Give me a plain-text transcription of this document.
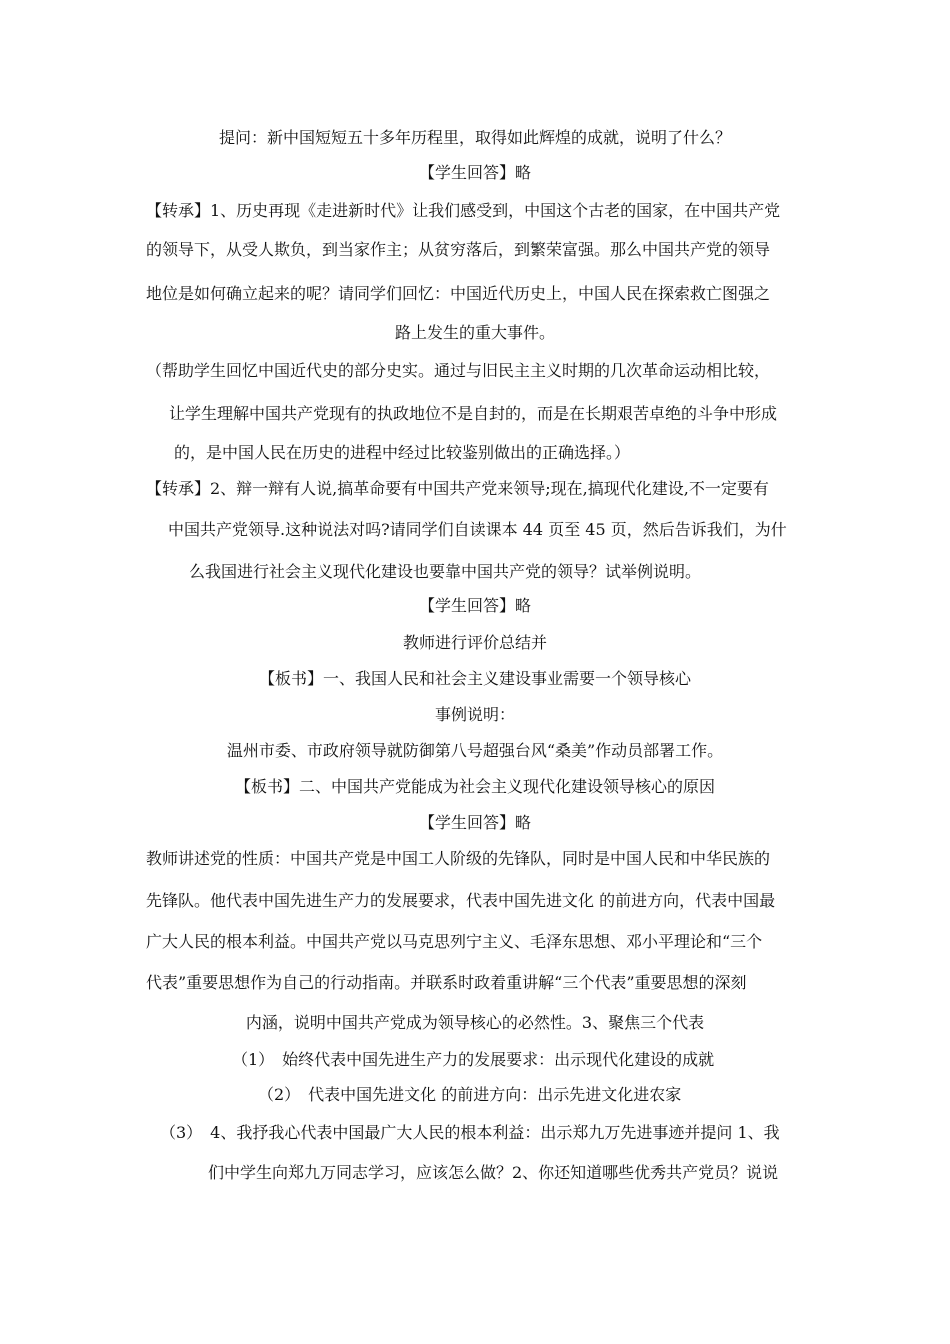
提问：新中国短短五十多年历程里，取得如此辉煌的成就，说明了什么？
【学生回答】略
【转承】1、历史再现《走进新时代》让我们感受到，中国这个古老的国家，在中国共产党
的领导下，从受人欺负，到当家作主；从贫穷落后，到繁荣富强。那么中国共产党的领导
地位是如何确立起来的呢？请同学们回忆：中国近代历史上，中国人民在探索救亡图强之
路上发生的重大事件。
（帮助学生回忆中国近代史的部分史实。通过与旧民主主义时期的几次革命运动相比较，
让学生理解中国共产党现有的执政地位不是自封的，而是在长期艰苦卓绝的斗争中形成
的，是中国人民在历史的进程中经过比较鉴别做出的正确选择。）
【转承】2、辩一辩有人说,搞革命要有中国共产党来领导;现在,搞现代化建设,不一定要有
中国共产党领导.这种说法对吗?请同学们自读课本 44 页至 45 页，然后告诉我们，为什
么我国进行社会主义现代化建设也要靠中国共产党的领导？试举例说明。
【学生回答】略
教师进行评价总结并
【板书】一、我国人民和社会主义建设事业需要一个领导核心
事例说明：
温州市委、市政府领导就防御第八号超强台风“桑美”作动员部署工作。
【板书】二、中国共产党能成为社会主义现代化建设领导核心的原因
【学生回答】略
教师讲述党的性质：中国共产党是中国工人阶级的先锋队，同时是中国人民和中华民族的
先锋队。他代表中国先进生产力的发展要求，代表中国先进文化 的前进方向，代表中国最
广大人民的根本利益。中国共产党以马克思列宁主义、毛泽东思想、邓小平理论和“三个
代表”重要思想作为自己的行动指南。并联系时政着重讲解“三个代表”重要思想的深刻
内涵，说明中国共产党成为领导核心的必然性。3、聚焦三个代表
（1）　始终代表中国先进生产力的发展要求：出示现代化建设的成就
（2）　代表中国先进文化 的前进方向：出示先进文化进农家
（3）　4、我抒我心代表中国最广大人民的根本利益：出示郑九万先进事迹并提问 1、我
们中学生向郑九万同志学习，应该怎么做？2、你还知道哪些优秀共产党员？说说
